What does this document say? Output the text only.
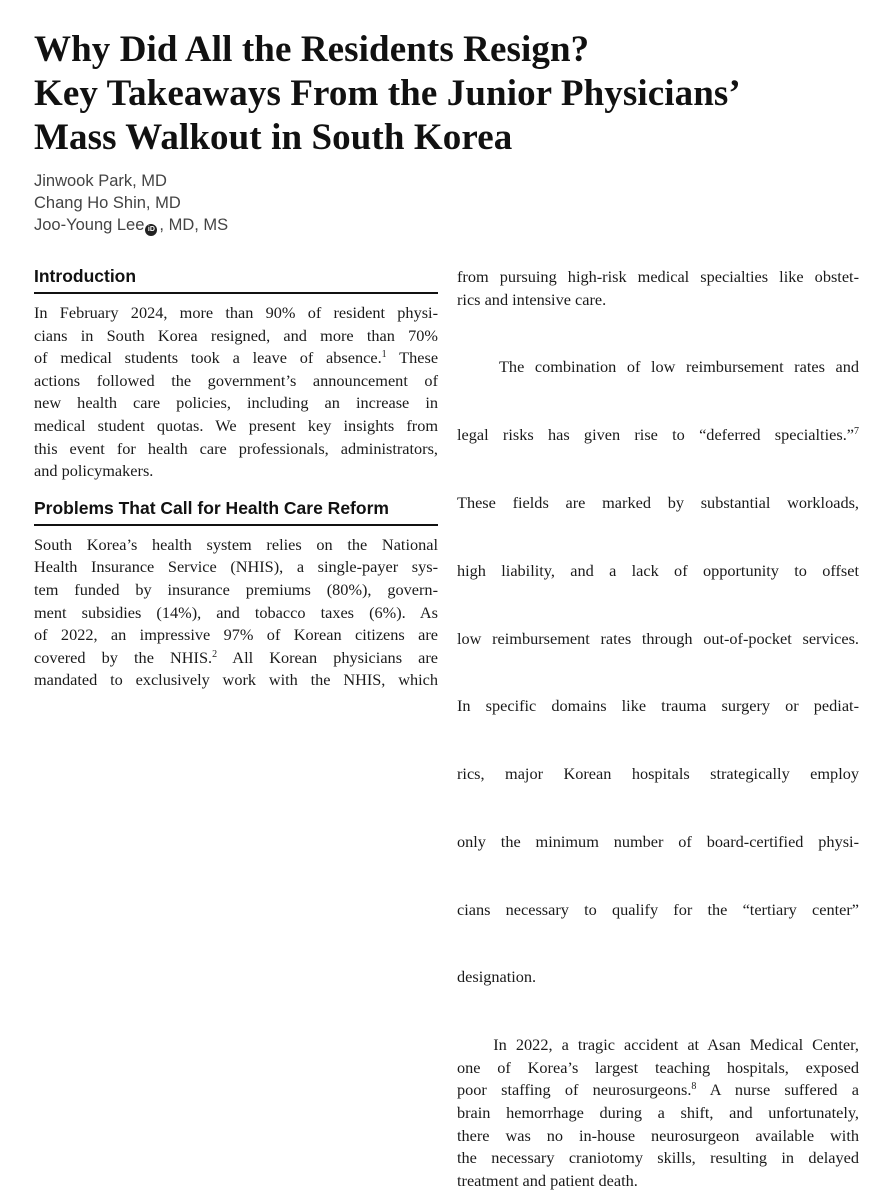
Why Did All the Residents Resign?
Key Takeaways From the Junior Physicians’
Mass Walkout in South Korea
Jinwook Park, MD
Chang Ho Shin, MD
Joo-Young Lee iD , MD, MS
Introduction
In February 2024, more than 90% of resident physi-
cians in South Korea resigned, and more than 70%
of medical students took a leave of absence.$^1$ These
actions followed the government’s announcement of
new health care policies, including an increase in
medical student quotas. We present key insights from
this event for health care professionals, administrators,
and policymakers.
Problems That Call for Health Care Reform
South Korea’s health system relies on the National
Health Insurance Service (NHIS), a single-payer sys-
tem funded by insurance premiums (80%), govern-
ment subsidies (14%), and tobacco taxes (6%). As
of 2022, an impressive 97% of Korean citizens are
covered by the NHIS.$^2$ All Korean physicians are
mandated to exclusively work with the NHIS, which
from pursuing high-risk medical specialties like obstet-
rics and intensive care.

The combination of low reimbursement rates and

legal risks has given rise to “deferred specialties.”$^7$

These fields are marked by substantial workloads,

high liability, and a lack of opportunity to offset

low reimbursement rates through out-of-pocket services.

In specific domains like trauma surgery or pediat-

rics, major Korean hospitals strategically employ

only the minimum number of board-certified physi-

cians necessary to qualify for the “tertiary center”

designation.

In 2022, a tragic accident at Asan Medical Center,
one of Korea’s largest teaching hospitals, exposed
poor staffing of neurosurgeons.$^8$ A nurse suffered a
brain hemorrhage during a shift, and unfortunately,
there was no in-house neurosurgeon available with
the necessary craniotomy skills, resulting in delayed
treatment and patient death.
